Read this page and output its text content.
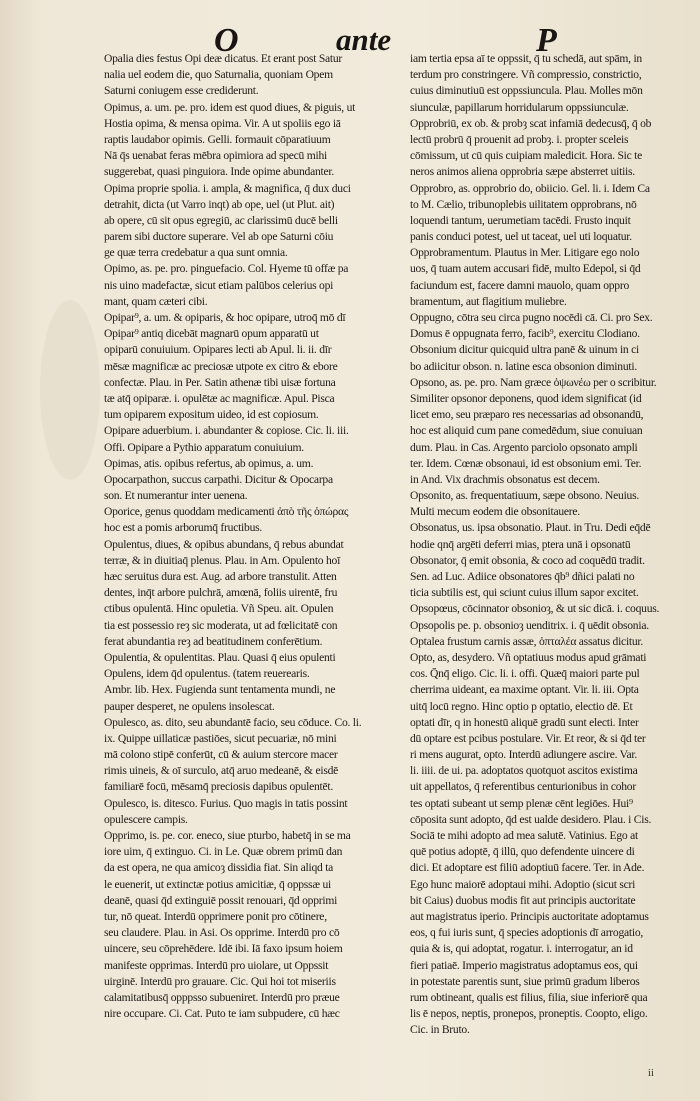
O	ante	P
Opalia dies festus Opi deæ dicatus. Et erant post Satur
nalia uel eodem die, quo Saturnalia, quoniam Opem
Saturni coniugem esse crediderunt.
Opimus, a. um. pe. pro. idem est quod diues, & piguis, ut
Hostia opima, & mensa opima. Vir. A ut spoliis ego iā
raptis laudabor opimis. Gelli. formauit cōparatiuum
Nā q̄s uenabat feras mēbra opimiora ad specū mihi
suggerebat, quasi pinguiora. Inde opime abundanter.
Opima proprie spolia. i. ampla, & magnifica, q̄ dux duci
detrahit, dicta (ut Varro inqt) ab ope, uel (ut Plut. ait)
ab opere, cū sit opus egregiū, ac clarissimū ducē belli
parem sibi ductore superare. Vel ab ope Saturni cōiu
ge quæ terra credebatur a qua sunt omnia.
Opimo, as. pe. pro. pinguefacio. Col. Hyeme tū offæ pa
nis uino madefactæ, sicut etiam palūbos celerius opi
mant, quam cæteri cibi.
Opipar⁹, a. um. & opiparis, & hoc opipare, utroq̄ mō dī
Opipar⁹ antiq dicebāt magnarū opum apparatū ut
opiparū conuiuium. Opipares lecti ab Apul. li. ii. dīr
mēsæ magnificæ ac preciosæ utpote ex citro & ebore
confectæ. Plau. in Per. Satin athenæ tibi uisæ fortuna
tæ atq̄ opiparæ. i. opulētæ ac magnificæ. Apul. Pisca
tum opiparem expositum uideo, id est copiosum.
Opipare aduerbium. i. abundanter & copiose. Cic. li. iii.
Offi. Opipare a Pythio apparatum conuiuium.
Opimas, atis. opibus refertus, ab opimus, a. um.
Opocarpathon, succus carpathi. Dicitur & Opocarpa
son. Et numerantur inter uenena.
Oporice, genus quoddam medicamenti ἀπὸ τῆς ὀπώρας
hoc est a pomis arborumq̄ fructibus.
Opulentus, diues, & opibus abundans, q̄ rebus abundat
terræ, & in diuitiaq̄ plenus. Plau. in Am. Opulento hoī
hæc seruitus dura est. Aug. ad arbore transtulit. Atten
dentes, inq̄t arbore pulchrā, amœnā, foliis uirentē, fru
ctibus opulentā. Hinc opuletia. Vñ Speu. ait. Opulen
tia est possessio reȝ sic moderata, ut ad fœlicitatē con
ferat abundantia reȝ ad beatitudinem conferētium.
Opulentia, & opulentitas. Plau. Quasi q̄ eius opulenti
Opulens, idem q̄d opulentus. (tatem reuerearis.
Ambr. lib. Hex. Fugienda sunt tentamenta mundi, ne
pauper desperet, ne opulens insolescat.
Opulesco, as. dito, seu abundantē facio, seu cōduce. Co. li.
ix. Quippe uillaticæ pastiōes, sicut pecuariæ, nō mini
mā colono stipē conferūt, cū & auium stercore macer
rimis uineis, & oī surculo, atq̄ aruo medeanē, & eisdē
familiarē focū, mēsamq̄ preciosis dapibus opulentēt.
Opulesco, is. ditesco. Furius. Quo magis in tatis possint
opulescere campis.
Opprimo, is. pe. cor. eneco, siue pturbo, habetq̄ in se ma
iore uim, q̄ extinguo. Ci. in Le. Quæ obrem primū dan
da est opera, ne qua amicoȝ dissidia fiat. Sin aliqd ta
le euenerit, ut extinctæ potius amicitiæ, q̄ oppssæ ui
deanē, quasi q̄d extinguiē possit renouari, q̄d opprimi
tur, nō queat. Interdū opprimere ponit pro cōtinere,
seu claudere. Plau. in Asi. Os opprime. Interdū pro cō
uincere, seu cōprehēdere. Idē ibi. Iā faxo ipsum hoiem
manifeste opprimas. Interdū pro uiolare, ut Oppssit
uirginē. Interdū pro grauare. Cic. Qui hoi tot miseriis
calamitatibusq̄ opppsso subueniret. Interdū pro præue
nire occupare. Ci. Cat. Puto te iam subpudere, cū hæc
iam tertia epsa aī te oppssit, q̄ tu schedā, aut spām, in
terdum pro constringere. Vñ compressio, constrictio,
cuius diminutiuū est oppssiuncula. Plau. Molles mōn
siunculæ, papillarum horridularum oppssiunculæ.
Opprobriū, ex ob. & probȝ scat infamiā dedecusq̄, q̄ ob
lectū probrū q̄ prouenit ad probȝ. i. propter sceleis
cōmissum, ut cū quis cuipiam maledicit. Hora. Sic te
neros animos aliena opprobria sæpe absterret uitiis.
Opprobro, as. opprobrio do, obiicio. Gel. li. i. Idem Ca
to M. Cælio, tribunoplebis uilitatem opprobrans, nō
loquendi tantum, uerumetiam tacēdi. Frusto inquit
panis conduci potest, uel ut taceat, uel uti loquatur.
Opprobramentum. Plautus in Mer. Litigare ego nolo
uos, q̄ tuam autem accusari fidē, multo Edepol, si q̄d
faciundum est, facere damni mauolo, quam oppro
bramentum, aut flagitium muliebre.
Oppugno, cōtra seu circa pugno nocēdi cā. Ci. pro Sex.
Domus ē oppugnata ferro, facib⁹, exercitu Clodiano.
Obsonium dicitur quicquid ultra panē & uinum in ci
bo adiicitur obson. n. latine esca obsonion diminuti.
Opsono, as. pe. pro. Nam græce ὀψωνέω per ο scribitur.
Similiter opsonor deponens, quod idem significat (id
licet emo, seu præparo res necessarias ad obsonandū,
hoc est aliquid cum pane comedēdum, siue conuiuan
dum. Plau. in Cas. Argento parciolo opsonato ampli
ter. Idem. Cœnæ obsonaui, id est obsonium emi. Ter.
in And. Vix drachmis obsonatus est decem.
Opsonito, as. frequentatiuum, sæpe obsono. Neuius.
Multi mecum eodem die obsonitauere.
Obsonatus, us. ipsa obsonatio. Plaut. in Tru. Dedi eq̄dē
hodie qnq̄ argēti deferri mias, ptera unā i opsonatū
Obsonator, q̄ emit obsonia, & coco ad coquēdū tradit.
Sen. ad Luc. Adiice obsonatores q̄b⁹ dñici palati no
ticia subtilis est, qui sciunt cuius illum sapor excitet.
Opsopœus, cōcinnator obsonioȝ, & ut sic dicā. i. coquus.
Opsopolis pe. p. obsonioȝ uenditrix. i. q̄ uēdit obsonia.
Optalea frustum carnis assæ, ὀπταλέα assatus dicitur.
Opto, as, desydero. Vñ optatiuus modus apud grāmati
cos. Q̄nq̄ eligo. Cic. li. i. offi. Quæq̄ maiori parte pul
cherrima uideant, ea maxime optant. Vir. li. iii. Opta
uitq̄ locū regno. Hinc optio p optatio, electio dē. Et
optati dīr, q in honestū aliquē gradū sunt electi. Inter
dū optare est pcibus postulare. Vir. Et reor, & si q̄d ter
ri mens augurat, opto. Interdū adiungere ascire. Var.
li. iiii. de ui. pa. adoptatos quotquot ascitos existima
uit appellatos, q̄ referentibus centurionibus in cohor
tes optati subeant ut semp plenæ cēnt legiōes. Hui⁹
cōposita sunt adopto, q̄d est ualde desidero. Plau. i Cis.
Sociā te mihi adopto ad mea salutē. Vatinius. Ego at
quē potius adoptē, q̄ illū, quo defendente uincere di
dici. Et adoptare est filiū adoptiuū facere. Ter. in Ade.
Ego hunc maiorē adoptaui mihi. Adoptio (sicut scri
bit Caius) duobus modis fit aut principis auctoritate
aut magistratus iperio. Principis auctoritate adoptamus
eos, q fui iuris sunt, q̄ species adoptionis dī arrogatio,
quia & is, qui adoptat, rogatur. i. interrogatur, an id
fieri patiaē. Imperio magistratus adoptamus eos, qui
in potestate parentis sunt, siue primū gradum liberos
rum obtineant, qualis est filius, filia, siue inferiorē qua
lis ē nepos, neptis, pronepos, proneptis. Coopto, eligo.
Cic. in Bruto.
ii
